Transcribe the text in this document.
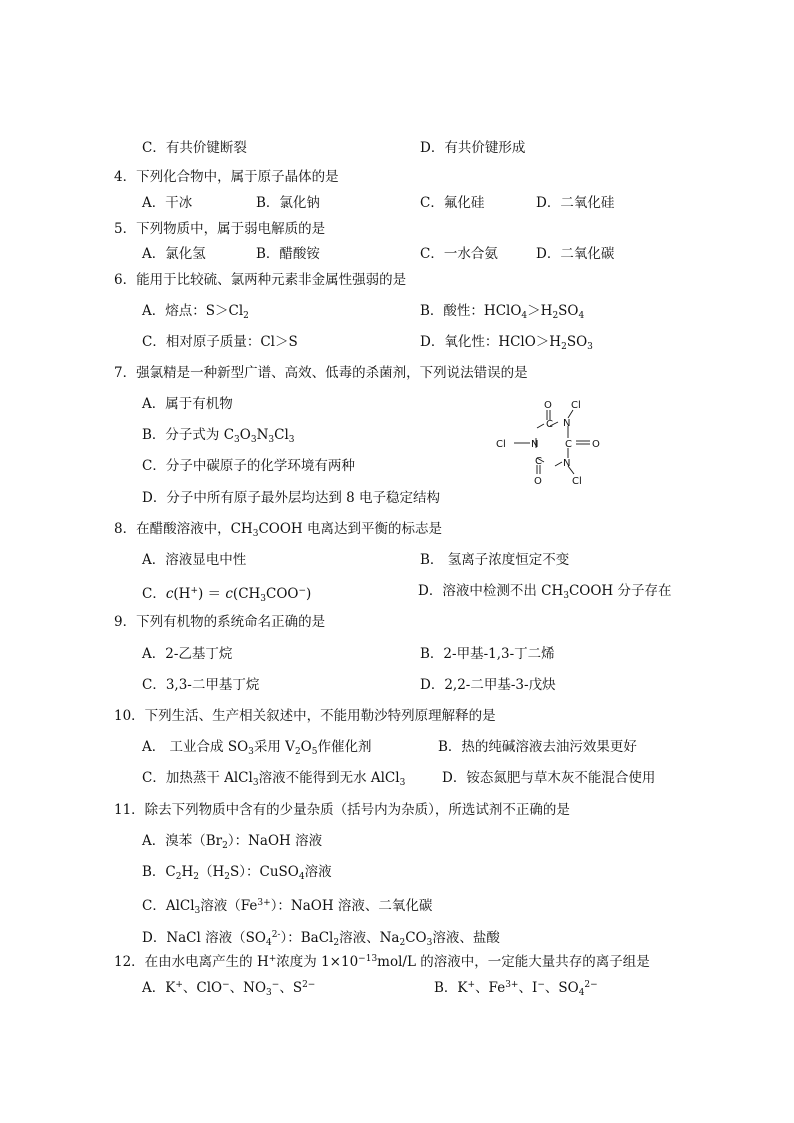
C．有共价键断裂	D．有共价键形成
4．下列化合物中，属于原子晶体的是
A．干冰	B．氯化钠	C．氟化硅	D．二氧化硅
5．下列物质中，属于弱电解质的是
A．氯化氢	B．醋酸铵	C．一水合氨	D．二氧化碳
6．能用于比较硫、氯两种元素非金属性强弱的是
A．熔点：$S>Cl_2$	B．酸性：$HClO_4>H_2SO_4$
C．相对原子质量：Cl＞S	D．氧化性：$HClO>H_2SO_3$
7．强氯精是一种新型广谱、高效、低毒的杀菌剂，下列说法错误的是
A．属于有机物
B．分子式为 $C_3O_3N_3Cl_3$
C．分子中碳原子的化学环境有两种
D．分子中所有原子最外层均达到 8 电子稳定结构
O
N
Cl
C
C
Cl	N	O
C N
O	Cl
8．在醋酸溶液中，$CH_3COOH$ 电离达到平衡的标志是
A．溶液显电中性	B． 氢离子浓度恒定不变
C．$c(H^+) = c(CH_3COO^-)$	D．溶液中检测不出 $CH_3COOH$ 分子存在
9．下列有机物的系统命名正确的是
A．2-乙基丁烷	B．2-甲基-1,3-丁二烯
C．3,3-二甲基丁烷	D．2,2-二甲基-3-戊炔
10．下列生活、生产相关叙述中，不能用勒沙特列原理解释的是
A． 工业合成 $SO_3$采用 $V_2O_5$作催化剂	B．热的纯碱溶液去油污效果更好
C．加热蒸干 AlCl$_3$溶液不能得到无水 AlCl$_3$	D．铵态氮肥与草木灰不能混合使用
11．除去下列物质中含有的少量杂质（括号内为杂质），所选试剂不正确的是
A．溴苯$(Br_2)$：NaOH 溶液
B．$C_2H_2(H_2S)$：CuSO$_4$溶液
C．AlCl$_3$溶液$(Fe^{3+})$：NaOH 溶液、二氧化碳
D．NaCl 溶液$(SO_4^{2-})$：BaCl$_2$溶液、$Na_2CO_3$溶液、盐酸
12．在由水电离产生的 H+浓度为 $1\times 10^{-13}mol/L$ 的溶液中，一定能大量共存的离子组是
A．K+、ClO−、$NO_3^-$、$S^{2-}$	B．K+、$Fe^{3+}$、I−、$SO_4^{2-}$
